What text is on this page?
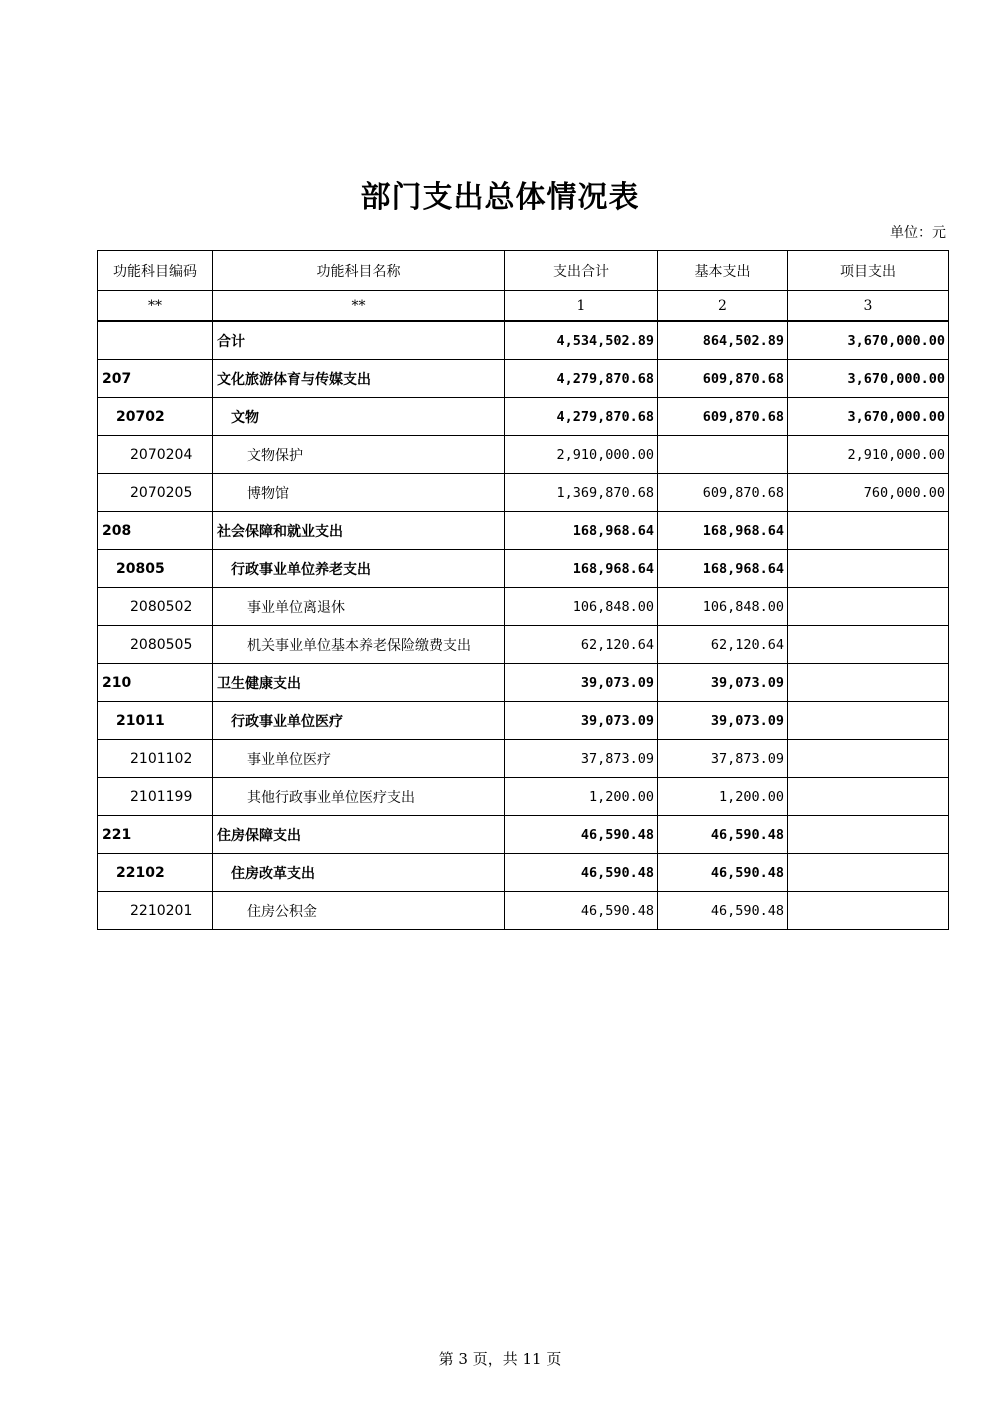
部门支出总体情况表
单位：元
功能科目编码	功能科目名称	支出合计	基本支出	项目支出
**	**	1	2	3
	合计	4,534,502.89	864,502.89	3,670,000.00
207	文化旅游体育与传媒支出	4,279,870.68	609,870.68	3,670,000.00
20702	文物	4,279,870.68	609,870.68	3,670,000.00
2070204	文物保护	2,910,000.00		2,910,000.00
2070205	博物馆	1,369,870.68	609,870.68	760,000.00
208	社会保障和就业支出	168,968.64	168,968.64	
20805	行政事业单位养老支出	168,968.64	168,968.64	
2080502	事业单位离退休	106,848.00	106,848.00	
2080505	机关事业单位基本养老保险缴费支出	62,120.64	62,120.64	
210	卫生健康支出	39,073.09	39,073.09	
21011	行政事业单位医疗	39,073.09	39,073.09	
2101102	事业单位医疗	37,873.09	37,873.09	
2101199	其他行政事业单位医疗支出	1,200.00	1,200.00	
221	住房保障支出	46,590.48	46,590.48	
22102	住房改革支出	46,590.48	46,590.48	
2210201	住房公积金	46,590.48	46,590.48	
第 3 页，共 11 页
